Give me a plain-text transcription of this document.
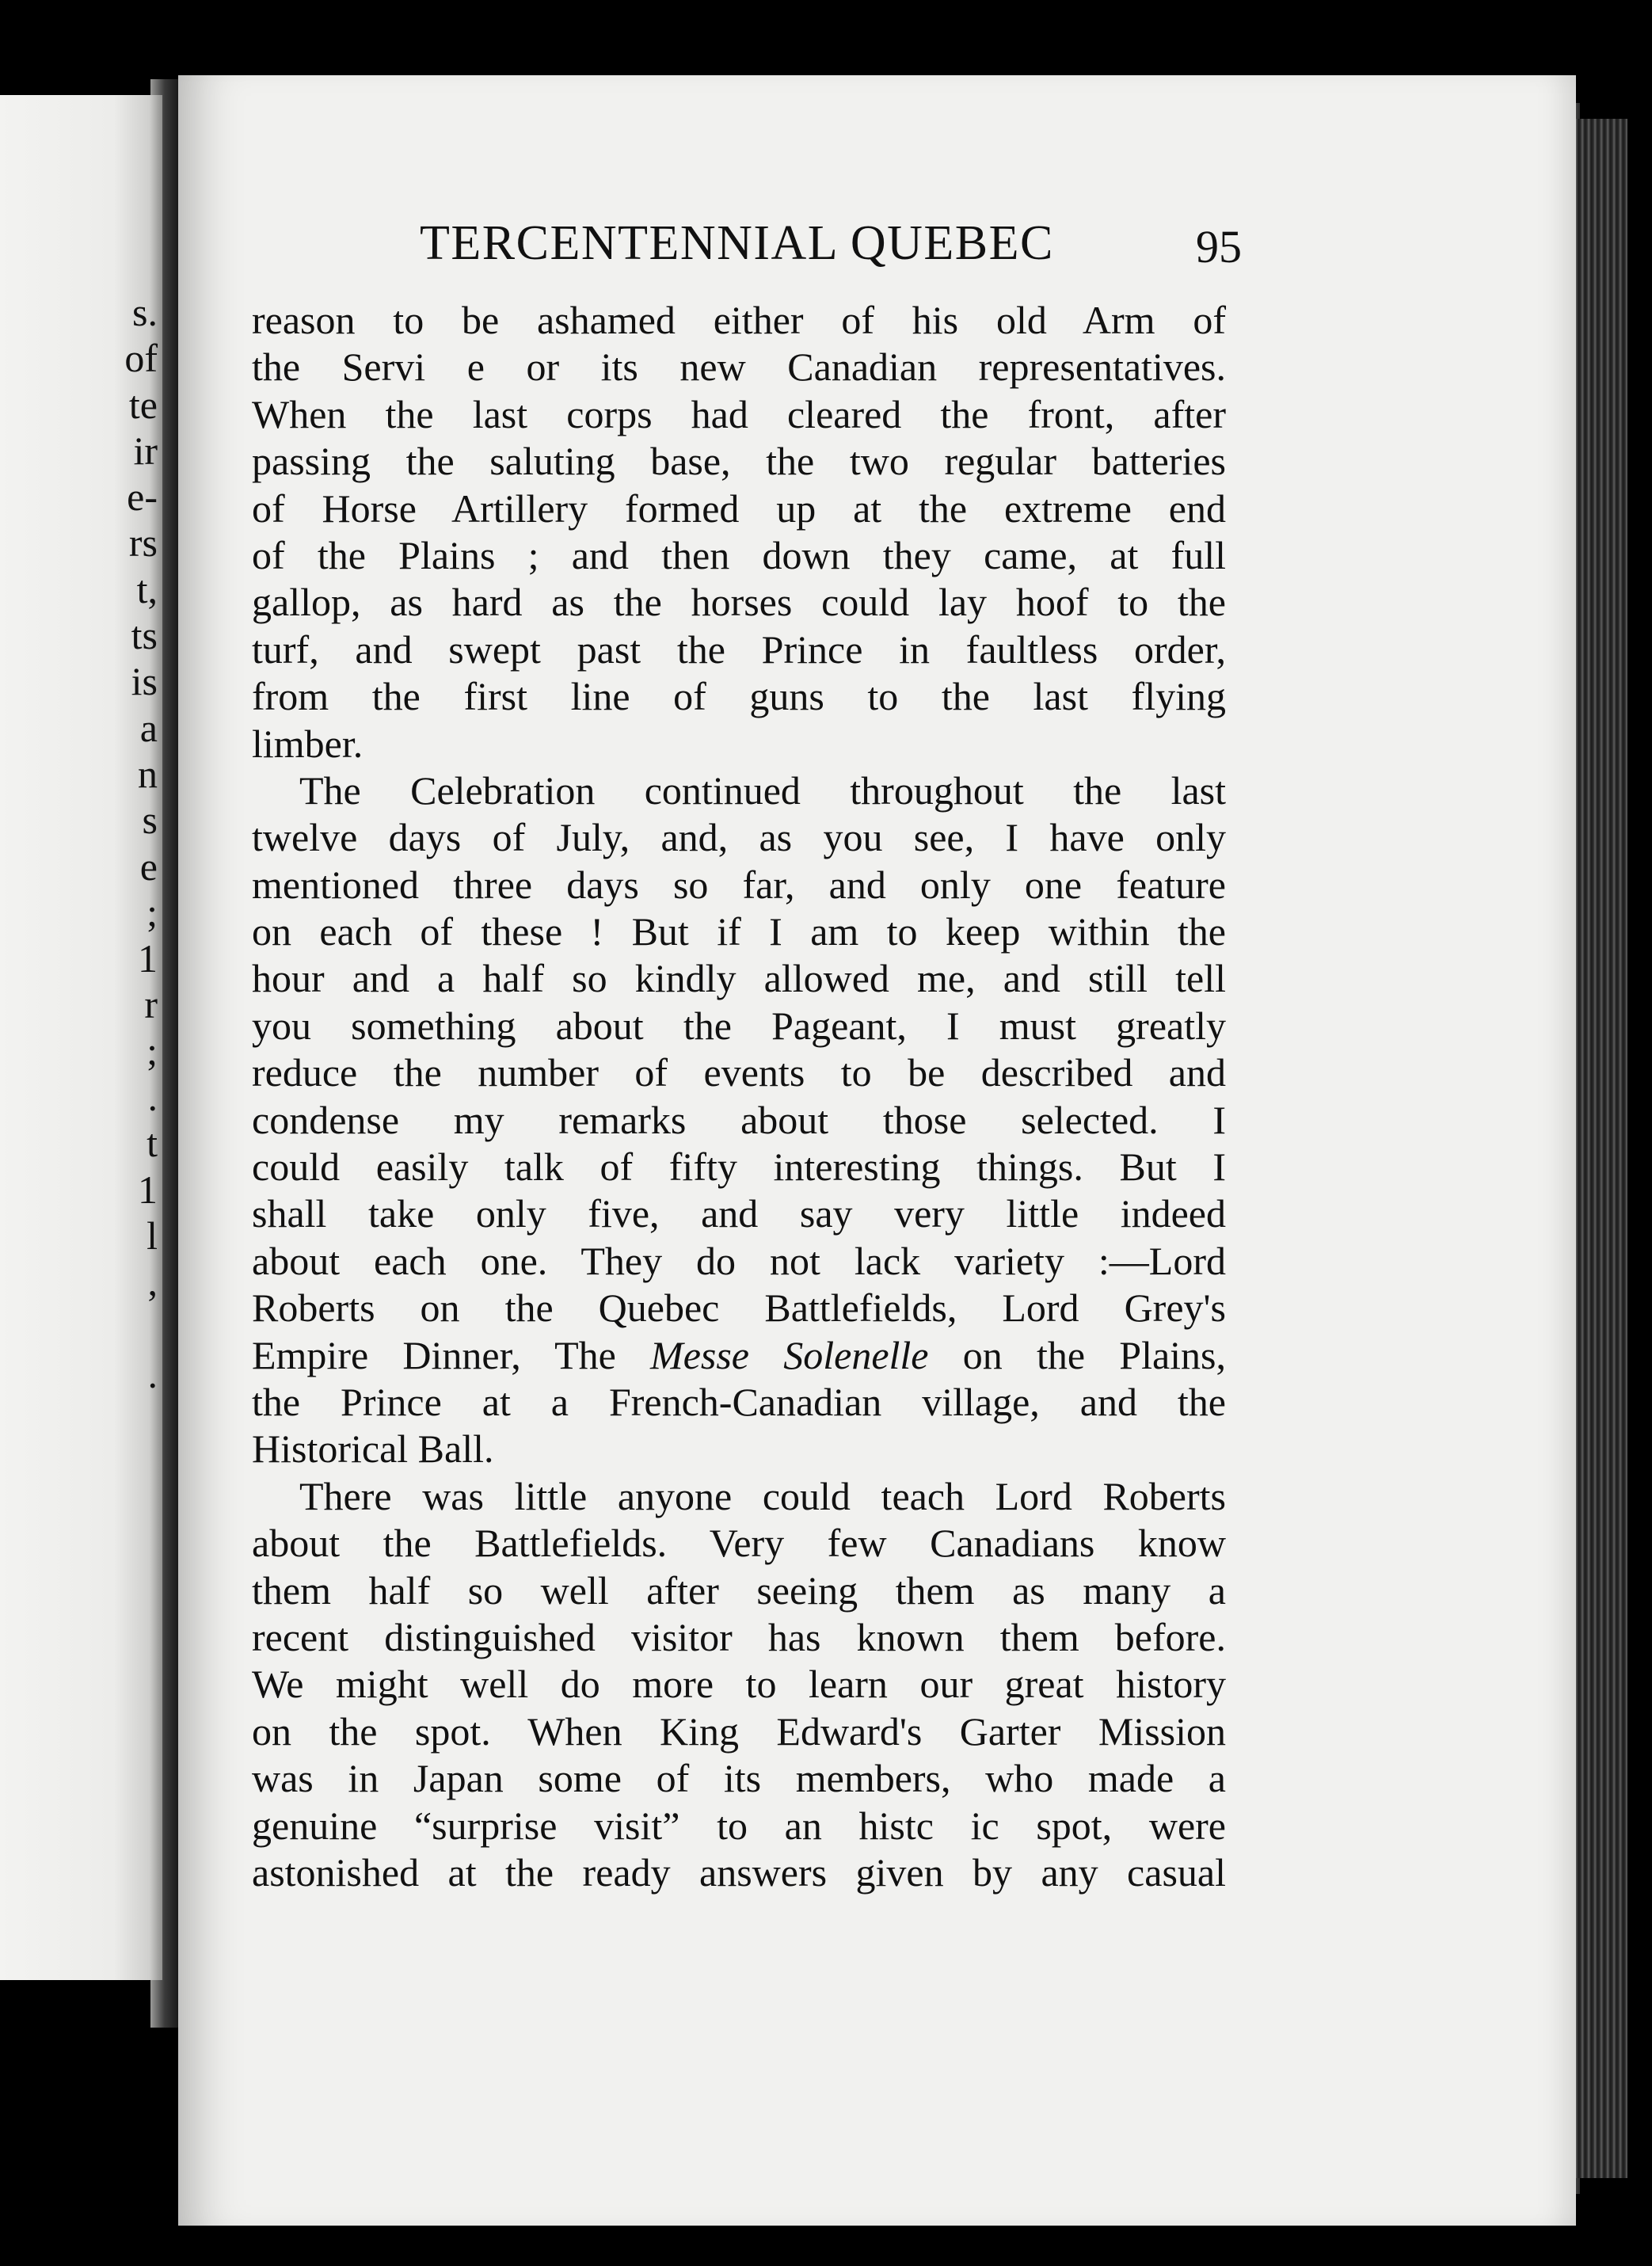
s.
of
te
ir
e-
rs
t,
ts
is
a
n
s
e
;
1
r
;
.
t
1
l
,
.
TERCENTENNIAL QUEBEC	95
reason to be ashamed either of his old Arm of
the Servi e or its new Canadian representatives.
When the last corps had cleared the front, after
passing the saluting base, the two regular batteries
of Horse Artillery formed up at the extreme end
of the Plains ; and then down they came, at full
gallop, as hard as the horses could lay hoof to the
turf, and swept past the Prince in faultless order,
from the first line of guns to the last flying
limber.
The Celebration continued throughout the last
twelve days of July, and, as you see, I have only
mentioned three days so far, and only one feature
on each of these ! But if I am to keep within the
hour and a half so kindly allowed me, and still tell
you something about the Pageant, I must greatly
reduce the number of events to be described and
condense my remarks about those selected. I
could easily talk of fifty interesting things. But I
shall take only five, and say very little indeed
about each one. They do not lack variety :—Lord
Roberts on the Quebec Battlefields, Lord Grey's
Empire Dinner, The Messe Solenelle on the Plains,
the Prince at a French-Canadian village, and the
Historical Ball.
There was little anyone could teach Lord Roberts
about the Battlefields. Very few Canadians know
them half so well after seeing them as many a
recent distinguished visitor has known them before.
We might well do more to learn our great history
on the spot. When King Edward's Garter Mission
was in Japan some of its members, who made a
genuine “surprise visit” to an histc ic spot, were
astonished at the ready answers given by any casual
